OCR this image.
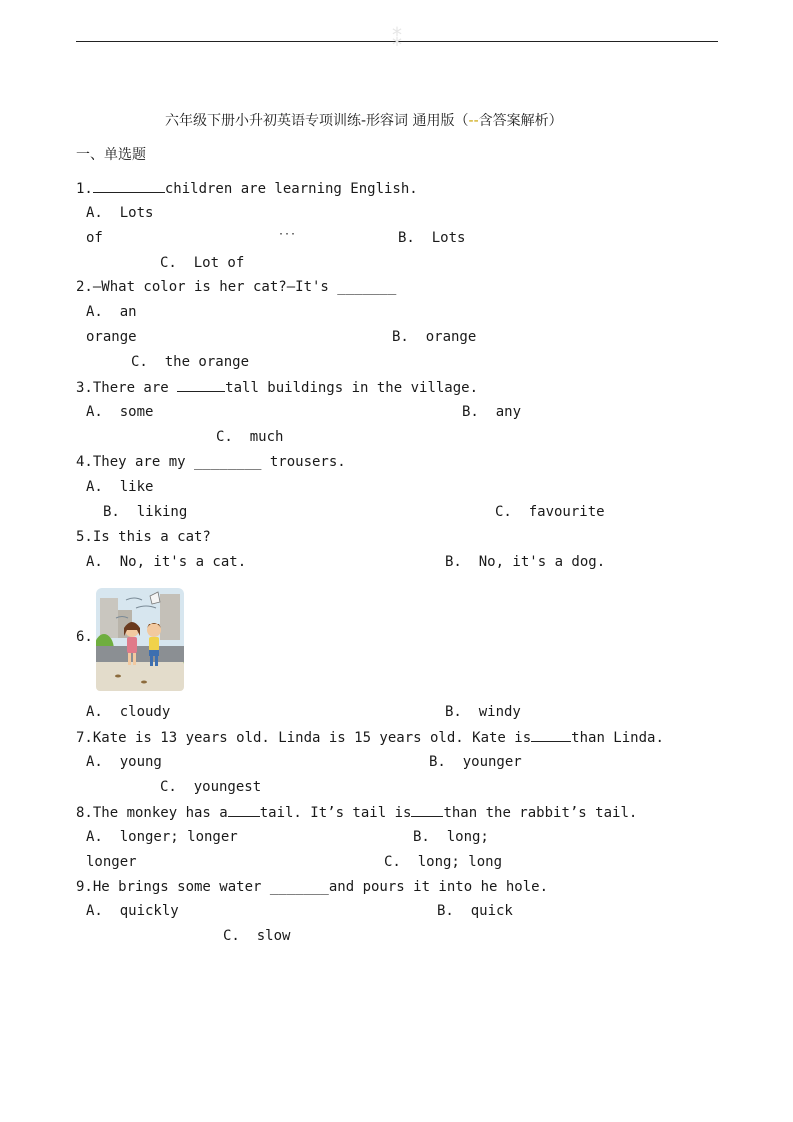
⁑
六年级下册小升初英语专项训练-形容词 通用版（--含答案解析）
一、单选题
1.	children are learning English.
A.  Lots
of	···	B.  Lots
C.  Lot of
2.—What color is her cat?—It's _______
A.  an
orange	B.  orange
C.  the orange
3.There are	tall buildings in the village.
A.  some	B.  any
C.  much
4.They are my ________ trousers.
A.  like
B.  liking	C.  favourite
5.Is this a cat?
A.  No, it's a cat.	B.  No, it's a dog.
6.
A.  cloudy	B.  windy
7.Kate is 13 years old. Linda is 15 years old. Kate is	than Linda.
A.  young	B.  younger
C.  youngest
8.The monkey has a tail. It’s tail is than the rabbit’s tail.
A.  longer; longer	B.  long;
longer	C.  long; long
9.He brings some water _______and pours it into he hole.
A.  quickly	B.  quick
C.  slow
